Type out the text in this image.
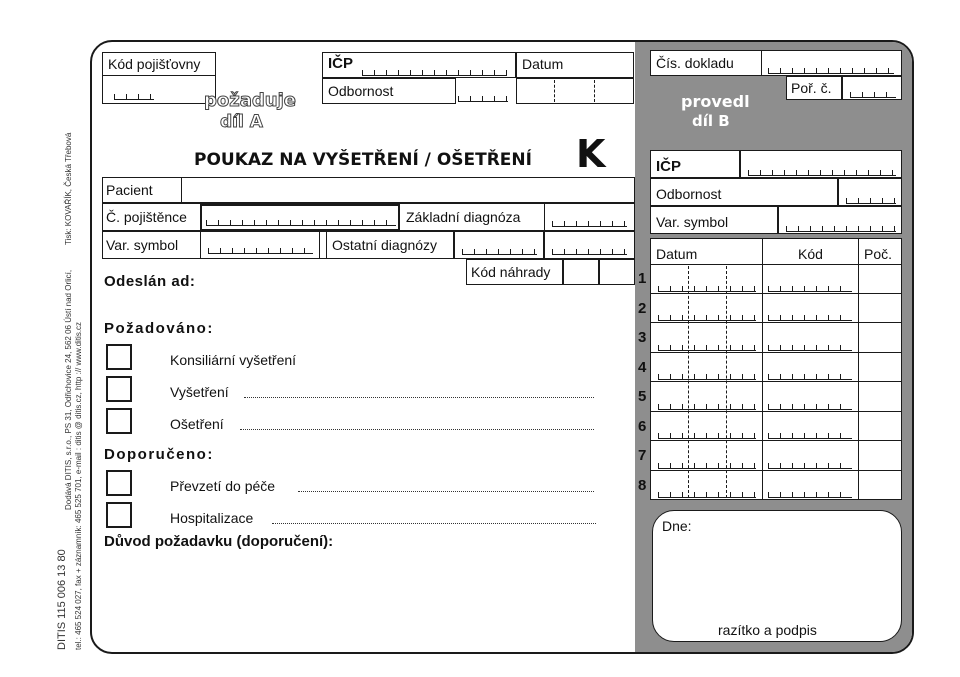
DITIS 115 006 13 80
Dodává DITIS, s.r.o., PS 31, Odřichovice 24, 562 06 Ústí nad Orlicí,
Tisk: KOVAŘÍK, Česká Třebová
tel.: 465 524 027, fax + záznamník: 465 525 701, e-mail : ditis @ ditis.cz, http :// www.ditis.cz
Kód pojišťovny
požaduje
díl A
IČP	Datum
Odbornost
POUKAZ NA VYŠETŘENÍ / OŠETŘENÍ K
Pacient
Č. pojištěnce	Základní diagnóza
Var. symbol	Ostatní diagnózy
Kód náhrady
Odeslán ad:
Požadováno:
Konsiliární vyšetření
Vyšetření
Ošetření
Doporučeno:
Převzetí do péče
Hospitalizace
Důvod požadavku (doporučení):
Čís. dokladu
Poř. č.
provedl
díl B
IČP
Odbornost
Var. symbol
Datum	Kód	Poč.
Dne:
razítko a podpis
1
2
3
4
5
6
7
8
